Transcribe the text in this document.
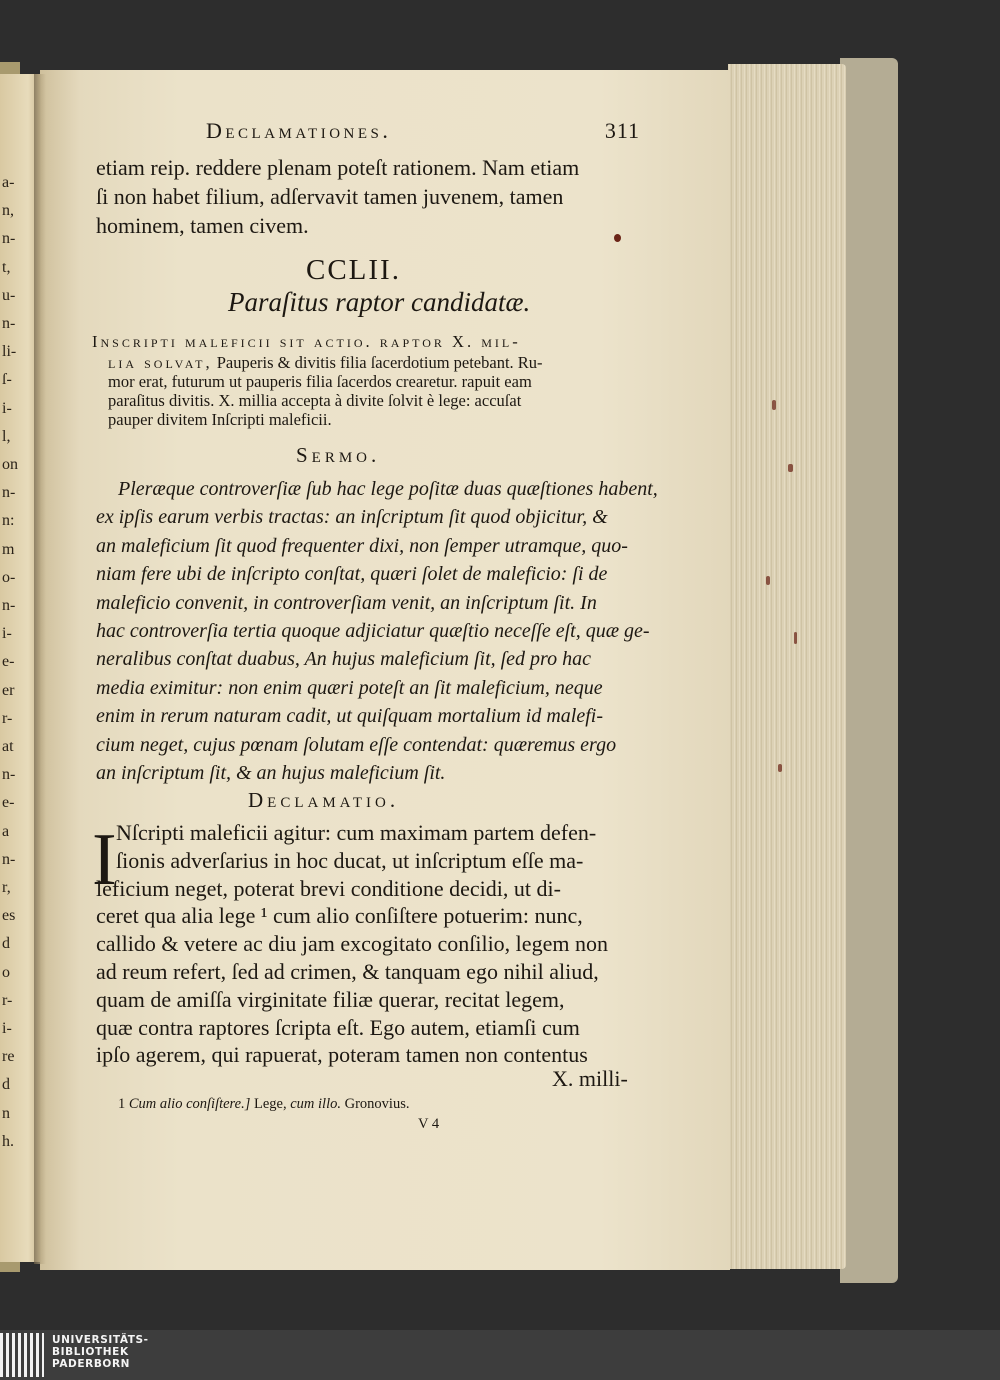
a-
n,
n-
t,
u-
n-
li-
ſ-
i-
l,
on
n-
n:
m
o-
n-
i-
e-
er
r-
at
n-
e-
a
n-
r,
es
d
o
r-
i-
re
d
n
h.
Declamationes.	311
etiam reip. reddere plenam poteſt rationem. Nam etiam
ſi non habet filium, adſervavit tamen juvenem, tamen
hominem, tamen civem.
CCLII.
Paraſitus raptor candidatæ.
Inscripti maleficii sit actio. raptor X. mil-
lia solvat, Pauperis & divitis filia ſacerdotium petebant. Ru-
mor erat, futurum ut pauperis filia ſacerdos crearetur. rapuit eam
paraſitus divitis. X. millia accepta à divite ſolvit è lege: accuſat
pauper divitem Inſcripti maleficii.
Sermo.
Pleræque controverſiæ ſub hac lege poſitæ duas quæſtiones habent,
ex ipſis earum verbis tractas: an inſcriptum ſit quod objicitur, &
an maleficium ſit quod frequenter dixi, non ſemper utramque, quo-
niam fere ubi de inſcripto conſtat, quæri ſolet de maleficio: ſi de
maleficio convenit, in controverſiam venit, an inſcriptum ſit. In
hac controverſia tertia quoque adjiciatur quæſtio neceſſe eſt, quæ ge-
neralibus conſtat duabus, An hujus maleficium ſit, ſed pro hac
media eximitur: non enim quæri poteſt an ſit maleficium, neque
enim in rerum naturam cadit, ut quiſquam mortalium id malefi-
cium neget, cujus pœnam ſolutam eſſe contendat: quæremus ergo
an inſcriptum ſit, & an hujus maleficium ſit.
Declamatio.
I Nſcripti maleficii agitur: cum maximam partem defen-
ſionis adverſarius in hoc ducat, ut inſcriptum eſſe ma-
leficium neget, poterat brevi conditione decidi, ut di-
ceret qua alia lege ¹ cum alio conſiſtere potuerim: nunc,
callido & vetere ac diu jam excogitato conſilio, legem non
ad reum refert, ſed ad crimen, & tanquam ego nihil aliud,
quam de amiſſa virginitate filiæ querar, recitat legem,
quæ contra raptores ſcripta eſt. Ego autem, etiamſi cum
ipſo agerem, qui rapuerat, poteram tamen non contentus
X. milli-
1 Cum alio conſiſtere.] Lege, cum illo. Gronovius.
V 4
UNIVERSITÄTS-
BIBLIOTHEK
PADERBORN
